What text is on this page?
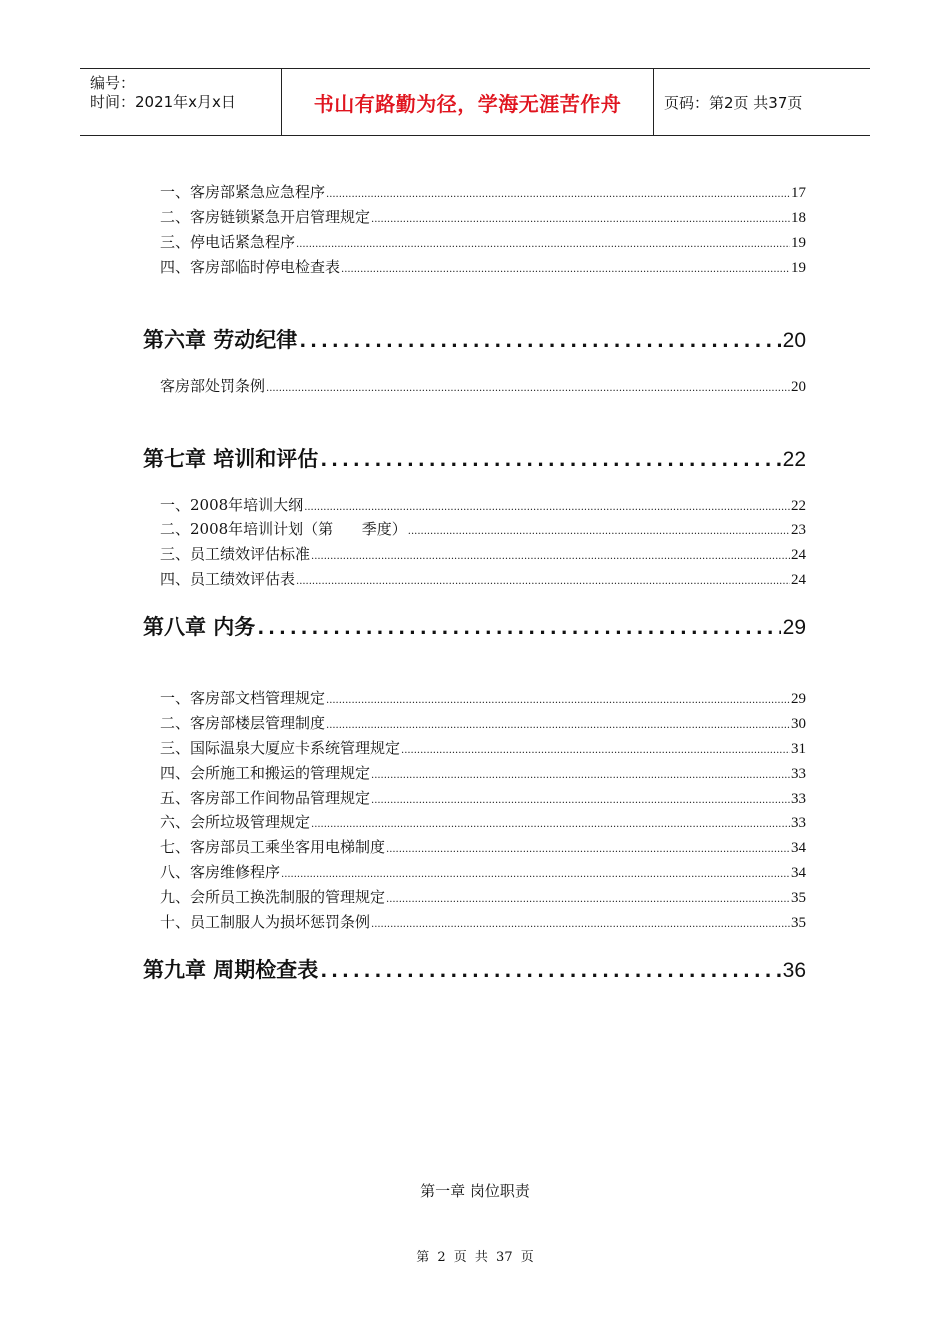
编号：
时间：2021年x月x日	书山有路勤为径，学海无涯苦作舟	页码：第2页 共37页
一、客房部紧急应急程序 .....	17
二、客房链锁紧急开启管理规定 .....	18
三、停电话紧急程序 .....	19
四、客房部临时停电检查表 .....	19
第六章 劳动纪律 .....	20
客房部处罚条例 .....	20
第七章 培训和评估 .....	22
一、2008年培训大纲 .....	22
二、2008年培训计划（第      季度） .....	23
三、员工绩效评估标准 .....	24
四、员工绩效评估表 .....	24
第八章 内务 .....	29
一、客房部文档管理规定 .....	29
二、客房部楼层管理制度 .....	30
三、国际温泉大厦应卡系统管理规定 .....	31
四、会所施工和搬运的管理规定 .....	33
五、客房部工作间物品管理规定 .....	33
六、会所垃圾管理规定 .....	33
七、客房部员工乘坐客用电梯制度 .....	34
八、客房维修程序 .....	34
九、会所员工换洗制服的管理规定 .....	35
十、员工制服人为损坏惩罚条例 .....	35
第九章 周期检查表 .....	36
第一章 岗位职责
第 2 页 共 37 页
